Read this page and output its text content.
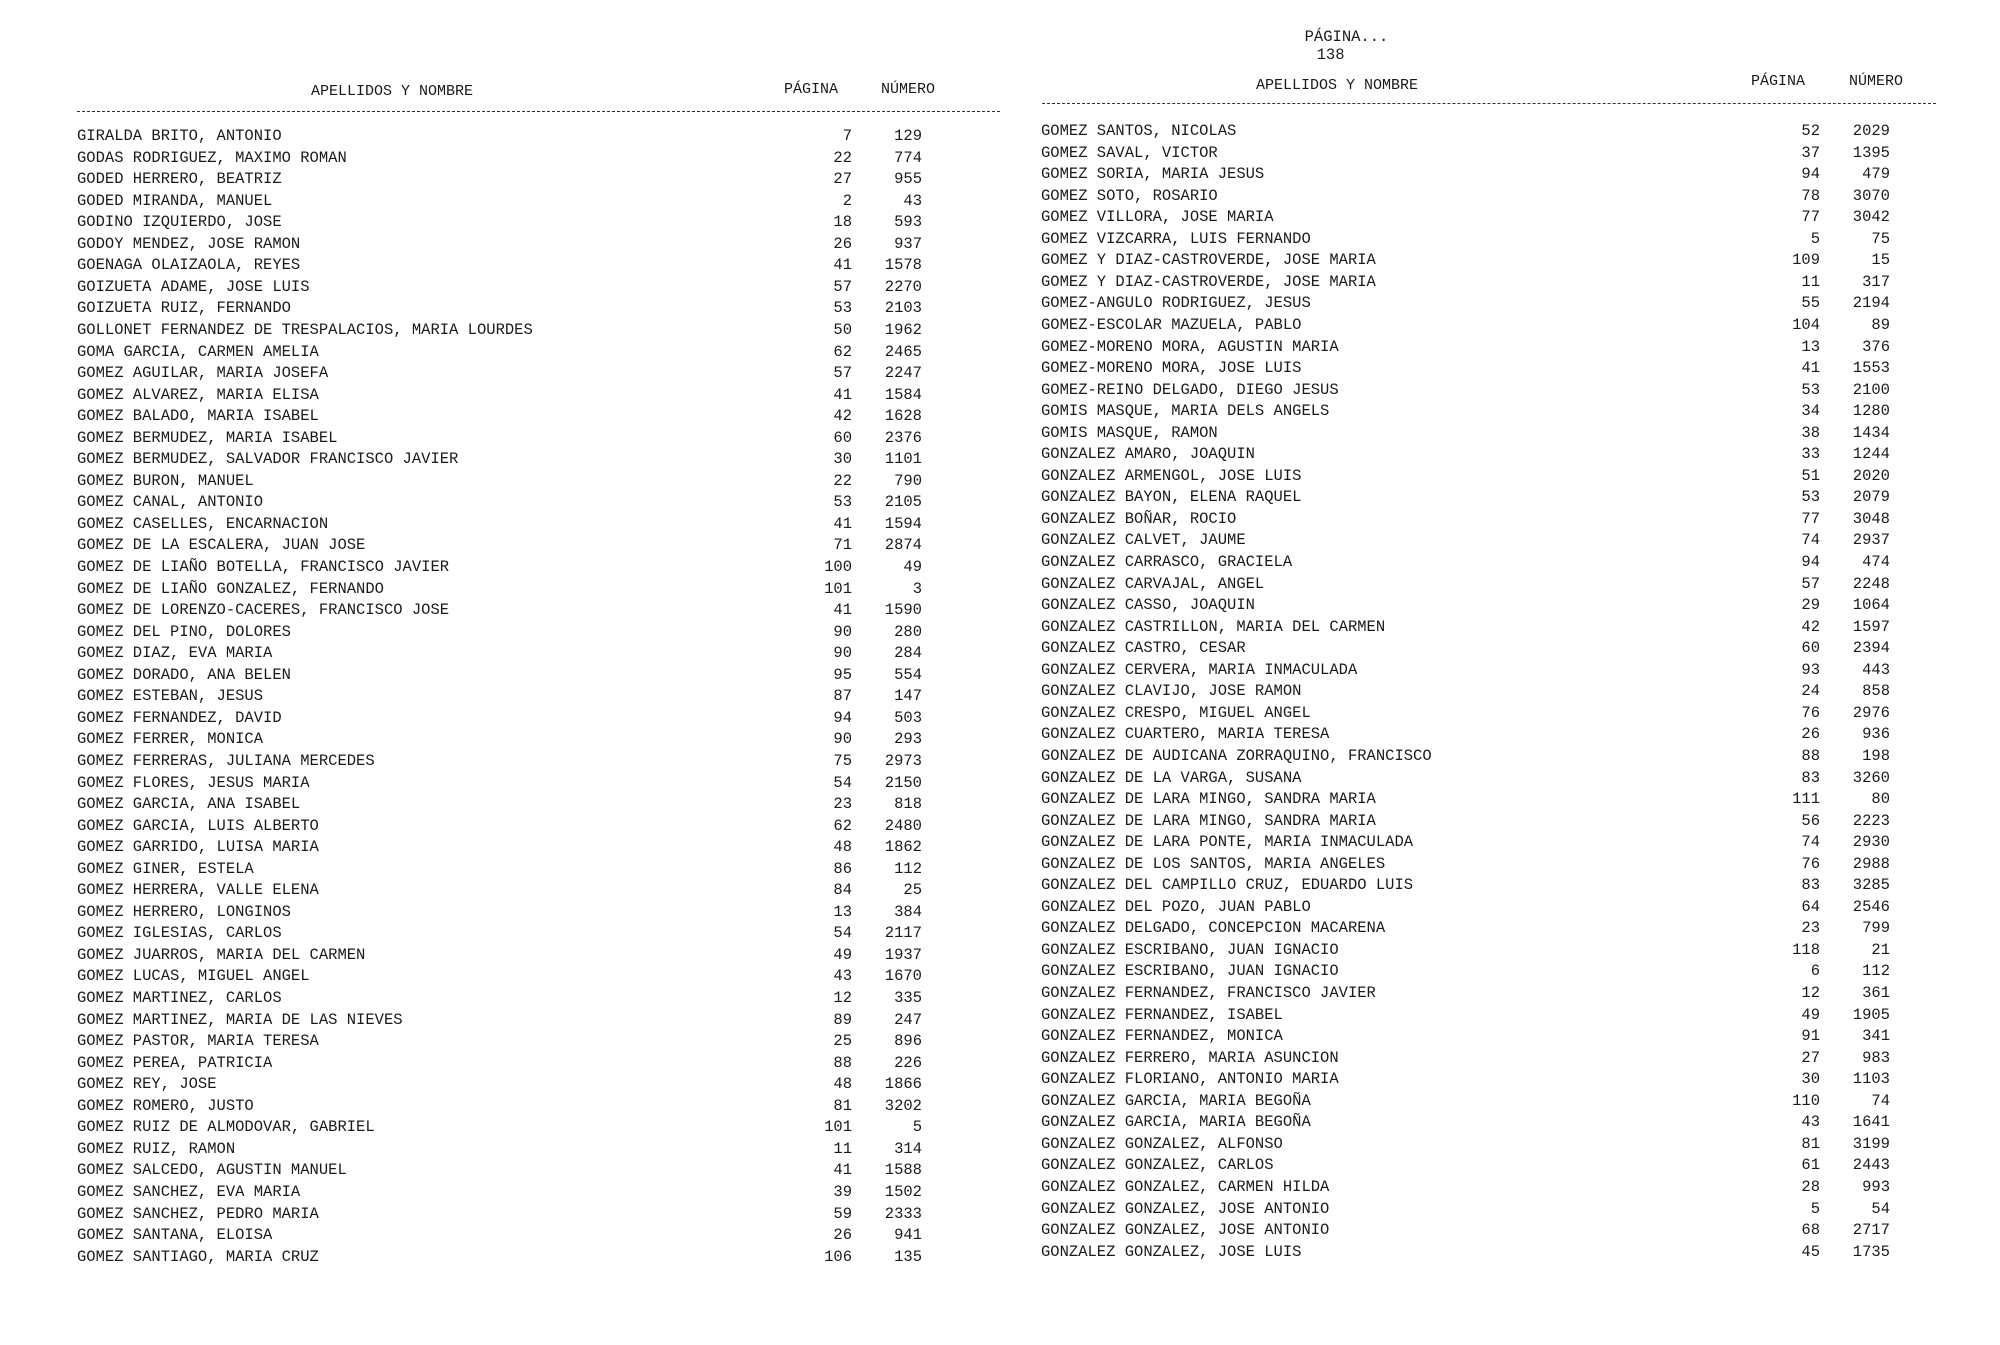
PÁGINA...
138

APELLIDOS Y NOMBRE	PÁGINA	NÚMERO	APELLIDOS Y NOMBRE	PÁGINA	NÚMERO
GIRALDA BRITO, ANTONIO	7	129
GODAS RODRIGUEZ, MAXIMO ROMAN	22	774
GODED HERRERO, BEATRIZ	27	955
GODED MIRANDA, MANUEL	2	43
GODINO IZQUIERDO, JOSE	18	593
GODOY MENDEZ, JOSE RAMON	26	937
GOENAGA OLAIZAOLA, REYES	41	1578
GOIZUETA ADAME, JOSE LUIS	57	2270
GOIZUETA RUIZ, FERNANDO	53	2103
GOLLONET FERNANDEZ DE TRESPALACIOS, MARIA LOURDES	50	1962
GOMA GARCIA, CARMEN AMELIA	62	2465
GOMEZ AGUILAR, MARIA JOSEFA	57	2247
GOMEZ ALVAREZ, MARIA ELISA	41	1584
GOMEZ BALADO, MARIA ISABEL	42	1628
GOMEZ BERMUDEZ, MARIA ISABEL	60	2376
GOMEZ BERMUDEZ, SALVADOR FRANCISCO JAVIER	30	1101
GOMEZ BURON, MANUEL	22	790
GOMEZ CANAL, ANTONIO	53	2105
GOMEZ CASELLES, ENCARNACION	41	1594
GOMEZ DE LA ESCALERA, JUAN JOSE	71	2874
GOMEZ DE LIAÑO BOTELLA, FRANCISCO JAVIER	100	49
GOMEZ DE LIAÑO GONZALEZ, FERNANDO	101	3
GOMEZ DE LORENZO-CACERES, FRANCISCO JOSE	41	1590
GOMEZ DEL PINO, DOLORES	90	280
GOMEZ DIAZ, EVA MARIA	90	284
GOMEZ DORADO, ANA BELEN	95	554
GOMEZ ESTEBAN, JESUS	87	147
GOMEZ FERNANDEZ, DAVID	94	503
GOMEZ FERRER, MONICA	90	293
GOMEZ FERRERAS, JULIANA MERCEDES	75	2973
GOMEZ FLORES, JESUS MARIA	54	2150
GOMEZ GARCIA, ANA ISABEL	23	818
GOMEZ GARCIA, LUIS ALBERTO	62	2480
GOMEZ GARRIDO, LUISA MARIA	48	1862
GOMEZ GINER, ESTELA	86	112
GOMEZ HERRERA, VALLE ELENA	84	25
GOMEZ HERRERO, LONGINOS	13	384
GOMEZ IGLESIAS, CARLOS	54	2117
GOMEZ JUARROS, MARIA DEL CARMEN	49	1937
GOMEZ LUCAS, MIGUEL ANGEL	43	1670
GOMEZ MARTINEZ, CARLOS	12	335
GOMEZ MARTINEZ, MARIA DE LAS NIEVES	89	247
GOMEZ PASTOR, MARIA TERESA	25	896
GOMEZ PEREA, PATRICIA	88	226
GOMEZ REY, JOSE	48	1866
GOMEZ ROMERO, JUSTO	81	3202
GOMEZ RUIZ DE ALMODOVAR, GABRIEL	101	5
GOMEZ RUIZ, RAMON	11	314
GOMEZ SALCEDO, AGUSTIN MANUEL	41	1588
GOMEZ SANCHEZ, EVA MARIA	39	1502
GOMEZ SANCHEZ, PEDRO MARIA	59	2333
GOMEZ SANTANA, ELOISA	26	941
GOMEZ SANTIAGO, MARIA CRUZ	106	135
GOMEZ SANTOS, NICOLAS	52	2029
GOMEZ SAVAL, VICTOR	37	1395
GOMEZ SORIA, MARIA JESUS	94	479
GOMEZ SOTO, ROSARIO	78	3070
GOMEZ VILLORA, JOSE MARIA	77	3042
GOMEZ VIZCARRA, LUIS FERNANDO	5	75
GOMEZ Y DIAZ-CASTROVERDE, JOSE MARIA	109	15
GOMEZ Y DIAZ-CASTROVERDE, JOSE MARIA	11	317
GOMEZ-ANGULO RODRIGUEZ, JESUS	55	2194
GOMEZ-ESCOLAR MAZUELA, PABLO	104	89
GOMEZ-MORENO MORA, AGUSTIN MARIA	13	376
GOMEZ-MORENO MORA, JOSE LUIS	41	1553
GOMEZ-REINO DELGADO, DIEGO JESUS	53	2100
GOMIS MASQUE, MARIA DELS ANGELS	34	1280
GOMIS MASQUE, RAMON	38	1434
GONZALEZ AMARO, JOAQUIN	33	1244
GONZALEZ ARMENGOL, JOSE LUIS	51	2020
GONZALEZ BAYON, ELENA RAQUEL	53	2079
GONZALEZ BOÑAR, ROCIO	77	3048
GONZALEZ CALVET, JAUME	74	2937
GONZALEZ CARRASCO, GRACIELA	94	474
GONZALEZ CARVAJAL, ANGEL	57	2248
GONZALEZ CASSO, JOAQUIN	29	1064
GONZALEZ CASTRILLON, MARIA DEL CARMEN	42	1597
GONZALEZ CASTRO, CESAR	60	2394
GONZALEZ CERVERA, MARIA INMACULADA	93	443
GONZALEZ CLAVIJO, JOSE RAMON	24	858
GONZALEZ CRESPO, MIGUEL ANGEL	76	2976
GONZALEZ CUARTERO, MARIA TERESA	26	936
GONZALEZ DE AUDICANA ZORRAQUINO, FRANCISCO	88	198
GONZALEZ DE LA VARGA, SUSANA	83	3260
GONZALEZ DE LARA MINGO, SANDRA MARIA	111	80
GONZALEZ DE LARA MINGO, SANDRA MARIA	56	2223
GONZALEZ DE LARA PONTE, MARIA INMACULADA	74	2930
GONZALEZ DE LOS SANTOS, MARIA ANGELES	76	2988
GONZALEZ DEL CAMPILLO CRUZ, EDUARDO LUIS	83	3285
GONZALEZ DEL POZO, JUAN PABLO	64	2546
GONZALEZ DELGADO, CONCEPCION MACARENA	23	799
GONZALEZ ESCRIBANO, JUAN IGNACIO	118	21
GONZALEZ ESCRIBANO, JUAN IGNACIO	6	112
GONZALEZ FERNANDEZ, FRANCISCO JAVIER	12	361
GONZALEZ FERNANDEZ, ISABEL	49	1905
GONZALEZ FERNANDEZ, MONICA	91	341
GONZALEZ FERRERO, MARIA ASUNCION	27	983
GONZALEZ FLORIANO, ANTONIO MARIA	30	1103
GONZALEZ GARCIA, MARIA BEGOÑA	110	74
GONZALEZ GARCIA, MARIA BEGOÑA	43	1641
GONZALEZ GONZALEZ, ALFONSO	81	3199
GONZALEZ GONZALEZ, CARLOS	61	2443
GONZALEZ GONZALEZ, CARMEN HILDA	28	993
GONZALEZ GONZALEZ, JOSE ANTONIO	5	54
GONZALEZ GONZALEZ, JOSE ANTONIO	68	2717
GONZALEZ GONZALEZ, JOSE LUIS	45	1735
